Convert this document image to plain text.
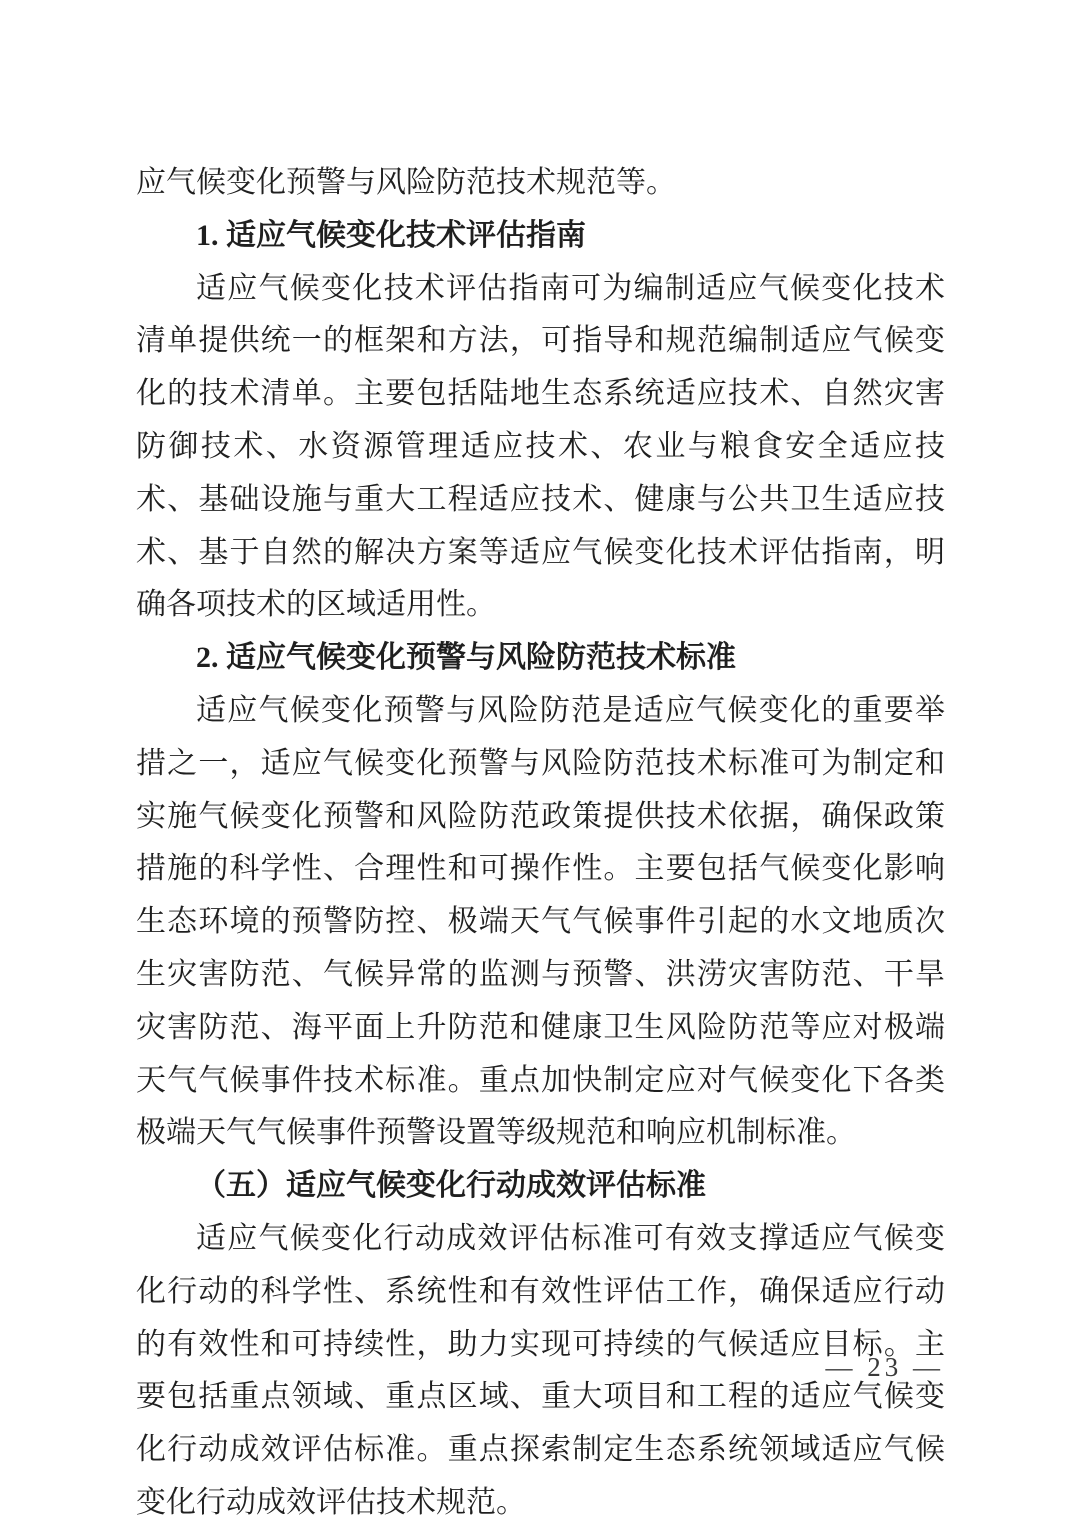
应气候变化预警与风险防范技术规范等。

1. 适应气候变化技术评估指南

适应气候变化技术评估指南可为编制适应气候变化技术清单提供统一的框架和方法，可指导和规范编制适应气候变化的技术清单。主要包括陆地生态系统适应技术、自然灾害防御技术、水资源管理适应技术、农业与粮食安全适应技术、基础设施与重大工程适应技术、健康与公共卫生适应技术、基于自然的解决方案等适应气候变化技术评估指南，明确各项技术的区域适用性。

2. 适应气候变化预警与风险防范技术标准

适应气候变化预警与风险防范是适应气候变化的重要举措之一，适应气候变化预警与风险防范技术标准可为制定和实施气候变化预警和风险防范政策提供技术依据，确保政策措施的科学性、合理性和可操作性。主要包括气候变化影响生态环境的预警防控、极端天气气候事件引起的水文地质次生灾害防范、气候异常的监测与预警、洪涝灾害防范、干旱灾害防范、海平面上升防范和健康卫生风险防范等应对极端天气气候事件技术标准。重点加快制定应对气候变化下各类极端天气气候事件预警设置等级规范和响应机制标准。

（五）适应气候变化行动成效评估标准

适应气候变化行动成效评估标准可有效支撑适应气候变化行动的科学性、系统性和有效性评估工作，确保适应行动的有效性和可持续性，助力实现可持续的气候适应目标。主要包括重点领域、重点区域、重大项目和工程的适应气候变化行动成效评估标准。重点探索制定生态系统领域适应气候变化行动成效评估技术规范。

— 23 —
